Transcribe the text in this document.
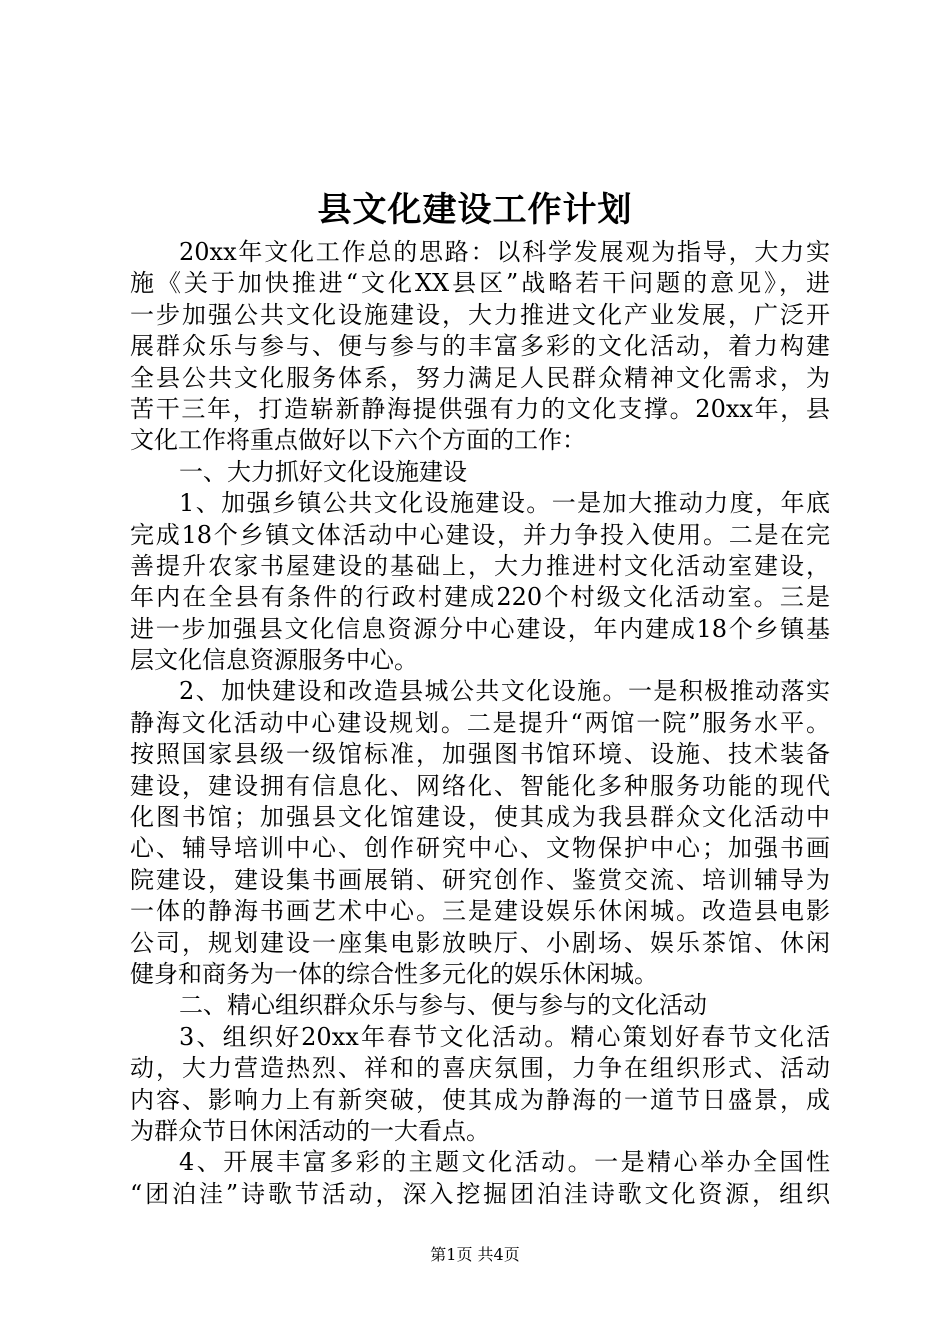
县文化建设工作计划
20xx年文化工作总的思路：以科学发展观为指导，大力实
施《关于加快推进“文化XX县区”战略若干问题的意见》，进
一步加强公共文化设施建设，大力推进文化产业发展，广泛开
展群众乐与参与、便与参与的丰富多彩的文化活动，着力构建
全县公共文化服务体系，努力满足人民群众精神文化需求，为
苦干三年，打造崭新静海提供强有力的文化支撑。20xx年，县
文化工作将重点做好以下六个方面的工作：
一、大力抓好文化设施建设
1、加强乡镇公共文化设施建设。一是加大推动力度，年底
完成18个乡镇文体活动中心建设，并力争投入使用。二是在完
善提升农家书屋建设的基础上，大力推进村文化活动室建设，
年内在全县有条件的行政村建成220个村级文化活动室。三是
进一步加强县文化信息资源分中心建设，年内建成18个乡镇基
层文化信息资源服务中心。
2、加快建设和改造县城公共文化设施。一是积极推动落实
静海文化活动中心建设规划。二是提升“两馆一院”服务水平。
按照国家县级一级馆标准，加强图书馆环境、设施、技术装备
建设，建设拥有信息化、网络化、智能化多种服务功能的现代
化图书馆；加强县文化馆建设，使其成为我县群众文化活动中
心、辅导培训中心、创作研究中心、文物保护中心；加强书画
院建设，建设集书画展销、研究创作、鉴赏交流、培训辅导为
一体的静海书画艺术中心。三是建设娱乐休闲城。改造县电影
公司，规划建设一座集电影放映厅、小剧场、娱乐茶馆、休闲
健身和商务为一体的综合性多元化的娱乐休闲城。
二、精心组织群众乐与参与、便与参与的文化活动
3、组织好20xx年春节文化活动。精心策划好春节文化活
动，大力营造热烈、祥和的喜庆氛围，力争在组织形式、活动
内容、影响力上有新突破，使其成为静海的一道节日盛景，成
为群众节日休闲活动的一大看点。
4、开展丰富多彩的主题文化活动。一是精心举办全国性
“团泊洼”诗歌节活动，深入挖掘团泊洼诗歌文化资源，组织
第1页 共4页
